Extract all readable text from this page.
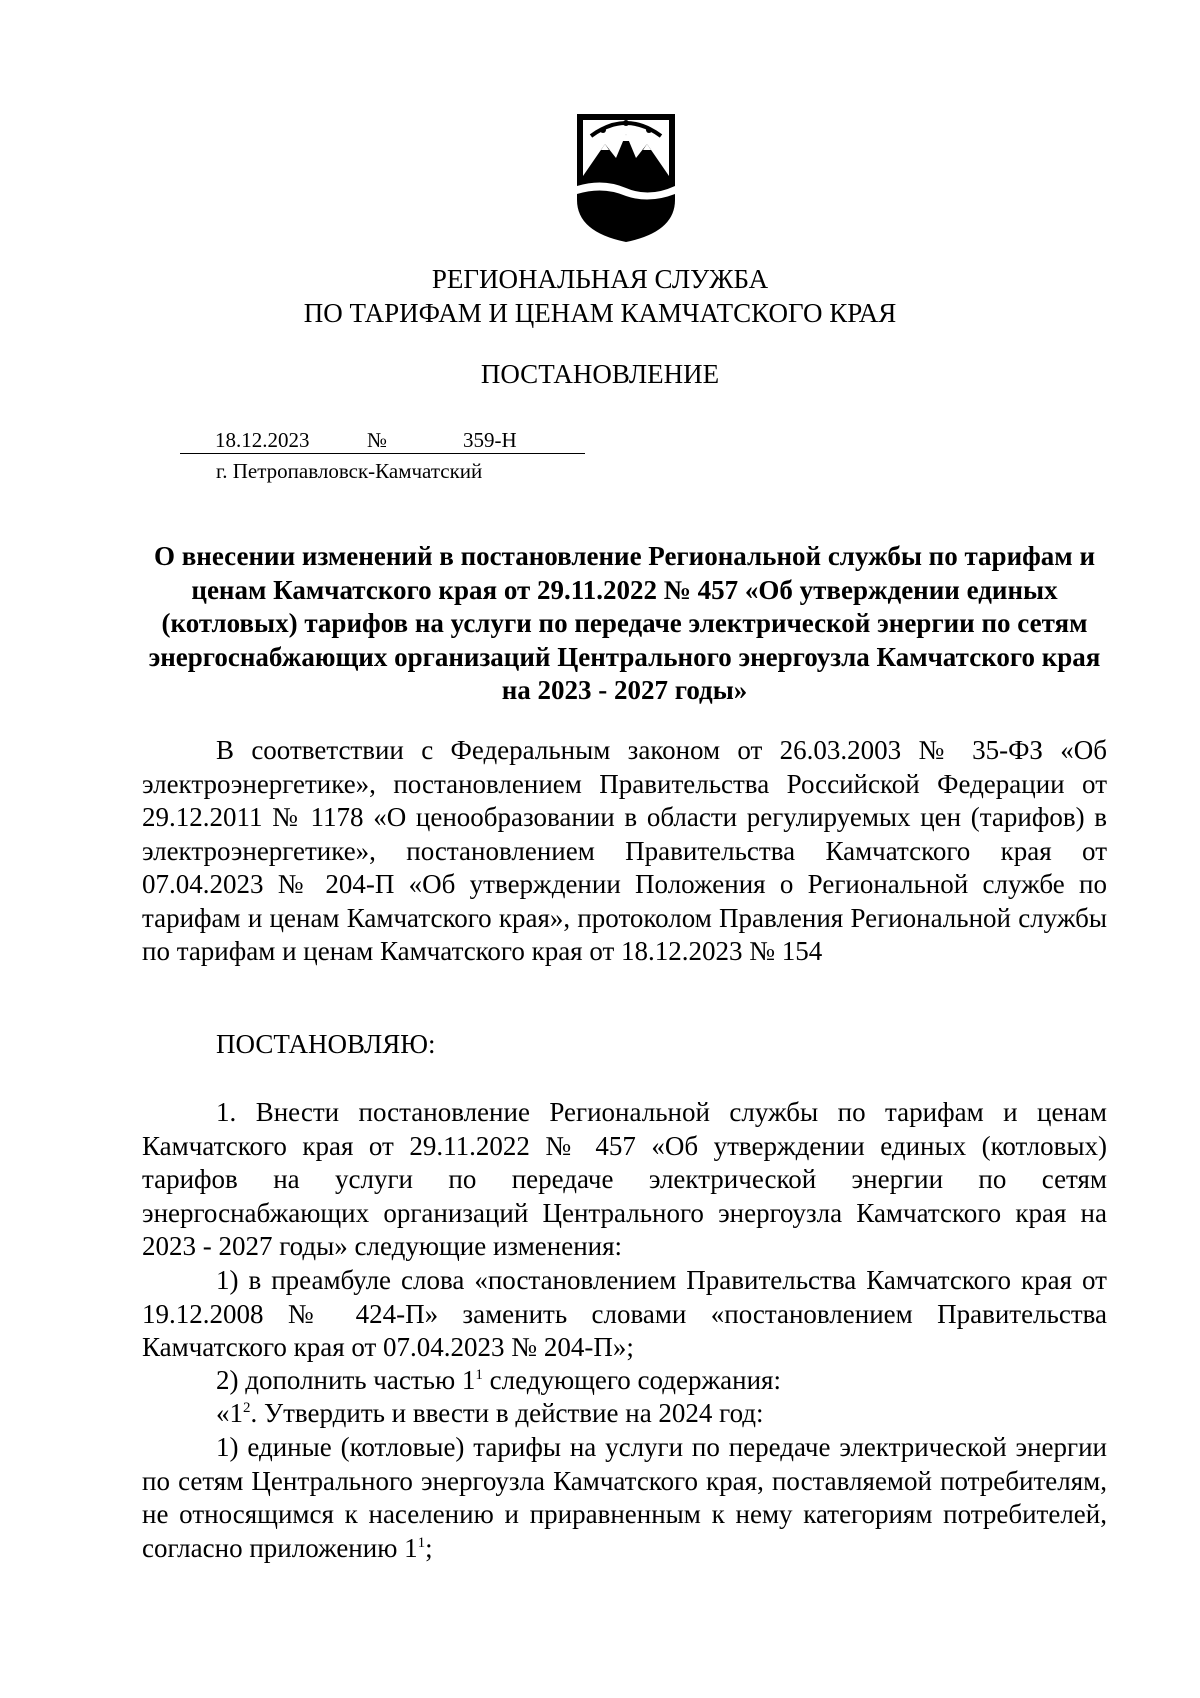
РЕГИОНАЛЬНАЯ СЛУЖБА
ПО ТАРИФАМ И ЦЕНАМ КАМЧАТСКОГО КРАЯ
ПОСТАНОВЛЕНИЕ
18.12.2023	№	359-Н
г. Петропавловск-Камчатский
О внесении изменений в постановление Региональной службы по тарифам и ценам Камчатского края от 29.11.2022 № 457 «Об утверждении единых (котловых) тарифов на услуги по передаче электрической энергии по сетям энергоснабжающих организаций Центрального энергоузла Камчатского края на 2023 - 2027 годы»

В соответствии с Федеральным законом от 26.03.2003 № 35-ФЗ «Об электроэнергетике», постановлением Правительства Российской Федерации от 29.12.2011 № 1178 «О ценообразовании в области регулируемых цен (тарифов) в электроэнергетике», постановлением Правительства Камчатского края от 07.04.2023 № 204-П «Об утверждении Положения о Региональной службе по тарифам и ценам Камчатского края», протоколом Правления Региональной службы по тарифам и ценам Камчатского края от 18.12.2023 № 154

ПОСТАНОВЛЯЮ:

1. Внести постановление Региональной службы по тарифам и ценам Камчатского края от 29.11.2022 № 457 «Об утверждении единых (котловых) тарифов на услуги по передаче электрической энергии по сетям энергоснабжающих организаций Центрального энергоузла Камчатского края на 2023 - 2027 годы» следующие изменения:

1) в преамбуле слова «постановлением Правительства Камчатского края от 19.12.2008 № 424-П» заменить словами «постановлением Правительства Камчатского края от 07.04.2023 № 204-П»;

2) дополнить частью $1^1$ следующего содержания:

«$1^2$. Утвердить и ввести в действие на 2024 год:

1) единые (котловые) тарифы на услуги по передаче электрической энергии по сетям Центрального энергоузла Камчатского края, поставляемой потребителям, не относящимся к населению и приравненным к нему категориям потребителей, согласно приложению $1^1$;
